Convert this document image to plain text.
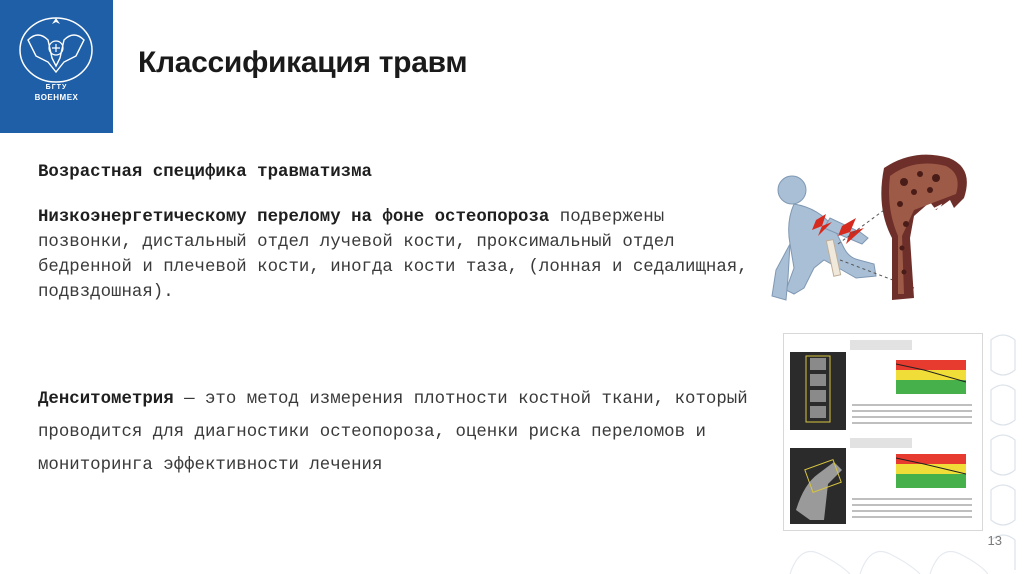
БГТУ
ВОЕНМЕХ
Классификация травм
Возрастная специфика травматизма
Низкоэнергетическому перелому на фоне остеопороза подвержены позвонки, дистальный отдел лучевой кости, проксимальный отдел бедренной и плечевой кости, иногда кости таза, (лонная и седалищная, подвздошная).
Денситометрия — это метод измерения плотности костной ткани, который проводится для диагностики остеопороза, оценки риска переломов и мониторинга эффективности лечения
13
